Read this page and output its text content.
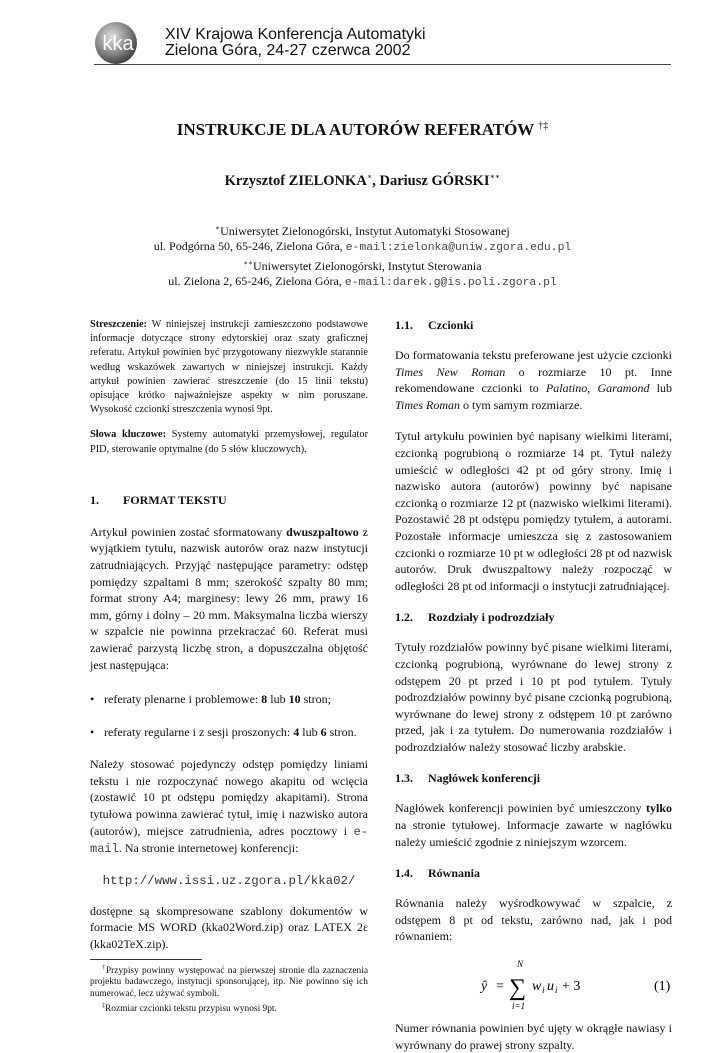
kka XIV Krajowa Konferencja Automatyki
Zielona Góra, 24-27 czerwca 2002
INSTRUKCJE DLA AUTORÓW REFERATÓW †‡
Krzysztof ZIELONKA∗, Dariusz GÓRSKI∗∗
∗Uniwersytet Zielonogórski, Instytut Automatyki Stosowanej
ul. Podgórna 50, 65-246, Zielona Góra, e-mail:zielonka@uniw.zgora.edu.pl
∗∗Uniwersytet Zielonogórski, Instytut Sterowania
ul. Zielona 2, 65-246, Zielona Góra, e-mail:darek.g@is.poli.zgora.pl

Streszczenie: W niniejszej instrukcji zamieszczono podstawowe informacje dotyczące strony edytorskiej oraz szaty graficznej referatu. Artykuł powinien być przygotowany niezwykle starannie według wskazówek zawartych w niniejszej instrukcji. Każdy artykuł powinien zawierać streszczenie (do 15 linii tekstu) opisujące krótko najważniejsze aspekty w nim poruszane. Wysokość czcionki streszczenia wynosi 9pt.

Słowa kluczowe: Systemy automatyki przemysłowej, regulator PID, sterowanie optymalne (do 5 słów kluczowych).

1. FORMAT TEKSTU

Artykuł powinien zostać sformatowany dwuszpaltowo z wyjątkiem tytułu, nazwisk autorów oraz nazw instytucji zatrudniających. Przyjąć następujące parametry: odstęp pomiędzy szpaltami 8 mm; szerokość szpalty 80 mm; format strony A4; marginesy: lewy 26 mm, prawy 16 mm, górny i dolny – 20 mm. Maksymalna liczba wierszy w szpalcie nie powinna przekraczać 60. Referat musi zawierać parzystą liczbę stron, a dopuszczalna objętość jest następująca:

• referaty plenarne i problemowe: 8 lub 10 stron;

• referaty regularne i z sesji proszonych: 4 lub 6 stron.

Należy stosować pojedynczy odstęp pomiędzy liniami tekstu i nie rozpoczynać nowego akapitu od wcięcia (zostawić 10 pt odstępu pomiędzy akapitami). Strona tytułowa powinna zawierać tytuł, imię i nazwisko autora (autorów), miejsce zatrudnienia, adres pocztowy i e-mail. Na stronie internetowej konferencji:

http://www.issi.uz.zgora.pl/kka02/

dostępne są skompresowane szablony dokumentów w formacie MS WORD (kka02Word.zip) oraz LATEX 2ε (kka02TeX.zip).

†Przypisy powinny występować na pierwszej stronie dla zaznaczenia projektu badawczego, instytucji sponsorującej, itp. Nie powinno się ich numerować, lecz używać symboli.

‡Rozmiar czcionki tekstu przypisu wynosi 9pt.

1.1. Czcionki

Do formatowania tekstu preferowane jest użycie czcionki Times New Roman o rozmiarze 10 pt. Inne rekomendowane czcionki to Palatino, Garamond lub Times Roman o tym samym rozmiarze.

Tytuł artykułu powinien być napisany wielkimi literami, czcionką pogrubioną o rozmiarze 14 pt. Tytuł należy umieścić w odległości 42 pt od góry strony. Imię i nazwisko autora (autorów) powinny być napisane czcionką o rozmiarze 12 pt (nazwisko wielkimi literami). Pozostawić 28 pt odstępu pomiędzy tytułem, a autorami. Pozostałe informacje umieszcza się z zastosowaniem czcionki o rozmiarze 10 pt w odległości 28 pt od nazwisk autorów. Druk dwuszpaltowy należy rozpocząć w odległości 28 pt od informacji o instytucji zatrudniającej.

1.2. Rozdziały i podrozdziały

Tytuły rozdziałów powinny być pisane wielkimi literami, czcionką pogrubioną, wyrównane do lewej strony z odstępem 20 pt przed i 10 pt pod tytułem. Tytuły podrozdziałów powinny być pisane czcionką pogrubioną, wyrównane do lewej strony z odstępem 10 pt zarówno przed, jak i za tytułem. Do numerowania rozdziałów i podrozdziałów należy stosować liczby arabskie.

1.3. Nagłówek konferencji

Nagłówek konferencji powinien być umieszczony tylko na stronie tytułowej. Informacje zawarte w nagłówku należy umieścić zgodnie z niniejszym wzorcem.

1.4. Równania

Równania należy wyśrodkowywać w szpalcie, z odstępem 8 pt od tekstu, zarówno nad, jak i pod równaniem:

ŷ =
N
∑
i=1
w i u i + 3	(1)

Numer równania powinien być ujęty w okrągłe nawiasy i wyrównany do prawej strony szpalty.
